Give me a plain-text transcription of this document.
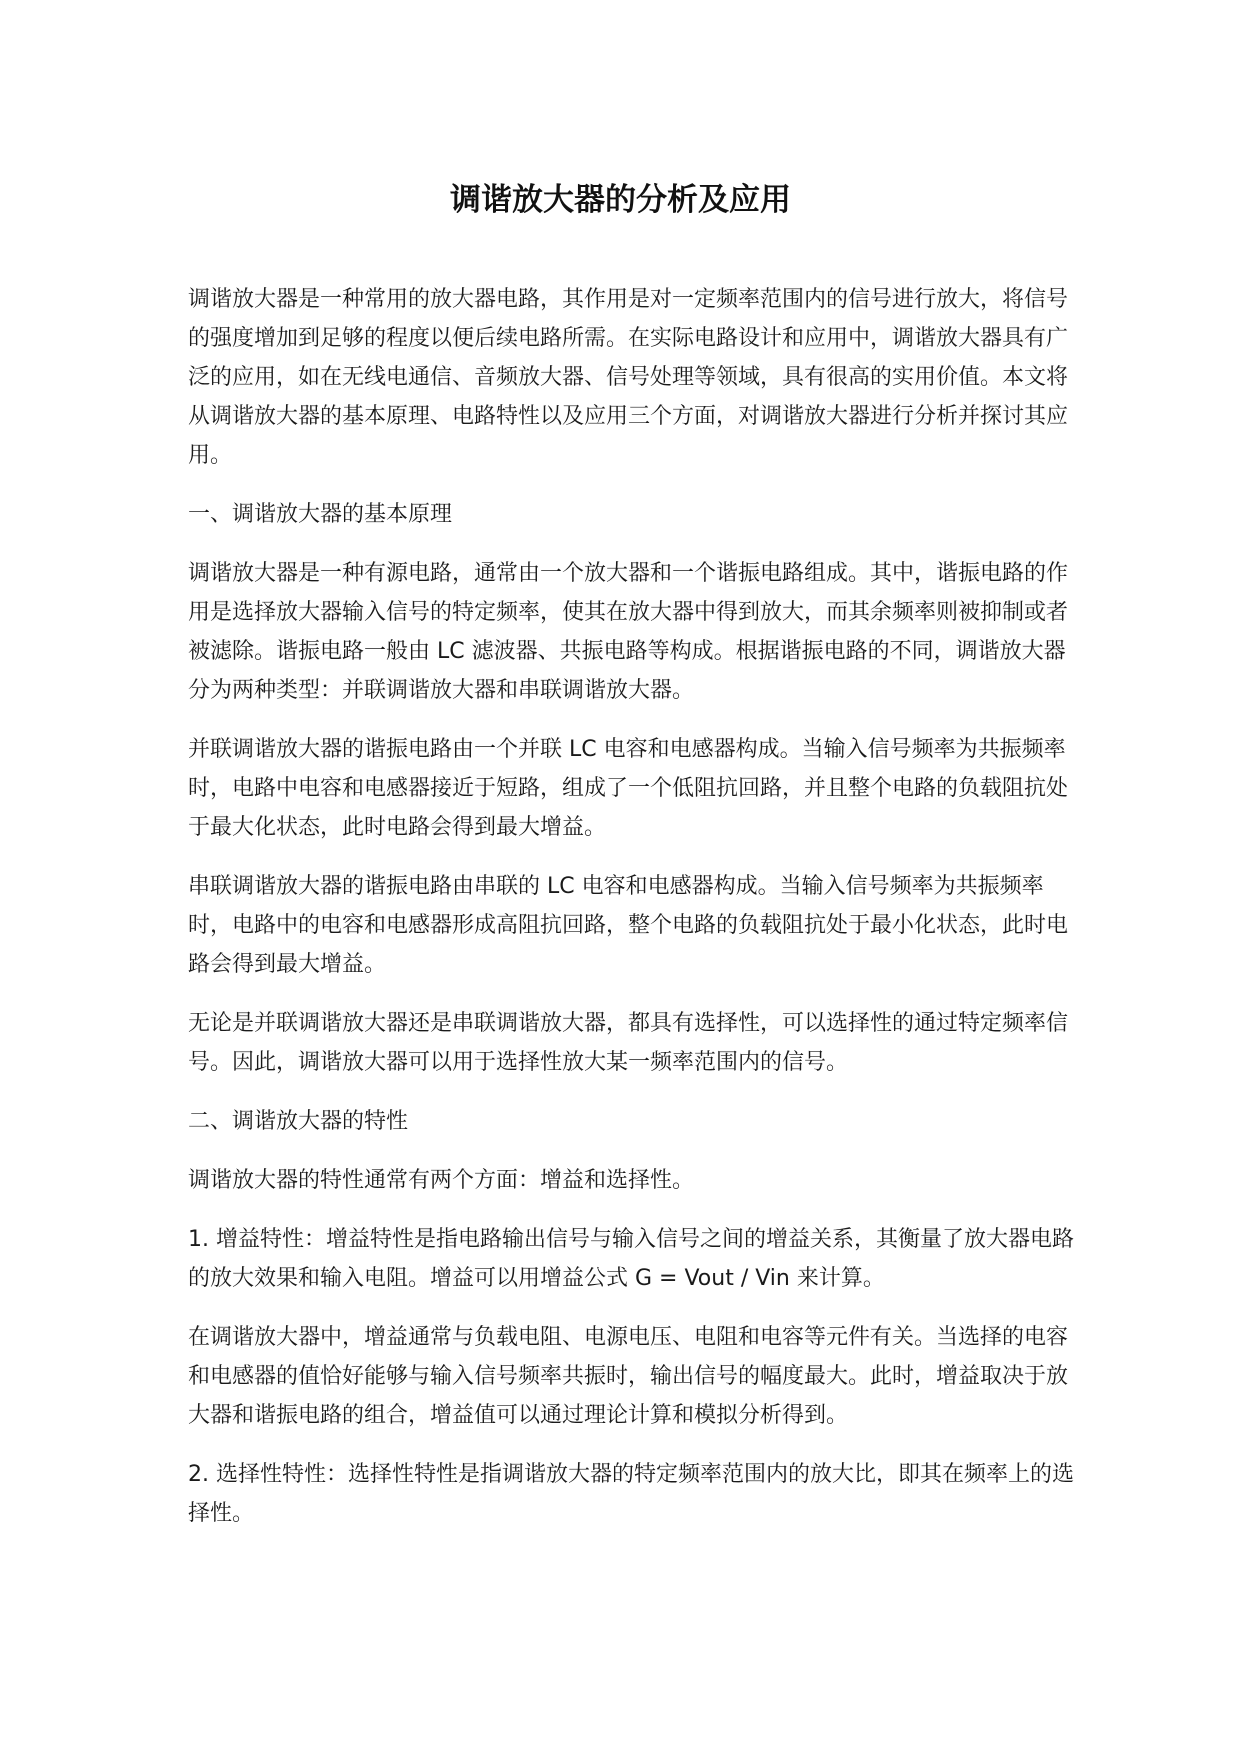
调谐放大器的分析及应用

调谐放大器是一种常用的放大器电路，其作用是对一定频率范围内的信号进行放大，将信号的强度增加到足够的程度以便后续电路所需。在实际电路设计和应用中，调谐放大器具有广泛的应用，如在无线电通信、音频放大器、信号处理等领域，具有很高的实用价值。本文将从调谐放大器的基本原理、电路特性以及应用三个方面，对调谐放大器进行分析并探讨其应用。

一、调谐放大器的基本原理

调谐放大器是一种有源电路，通常由一个放大器和一个谐振电路组成。其中，谐振电路的作用是选择放大器输入信号的特定频率，使其在放大器中得到放大，而其余频率则被抑制或者被滤除。谐振电路一般由 LC 滤波器、共振电路等构成。根据谐振电路的不同，调谐放大器分为两种类型：并联调谐放大器和串联调谐放大器。

并联调谐放大器的谐振电路由一个并联 LC 电容和电感器构成。当输入信号频率为共振频率时，电路中电容和电感器接近于短路，组成了一个低阻抗回路，并且整个电路的负载阻抗处于最大化状态，此时电路会得到最大增益。

串联调谐放大器的谐振电路由串联的 LC 电容和电感器构成。当输入信号频率为共振频率时，电路中的电容和电感器形成高阻抗回路，整个电路的负载阻抗处于最小化状态，此时电路会得到最大增益。

无论是并联调谐放大器还是串联调谐放大器，都具有选择性，可以选择性的通过特定频率信号。因此，调谐放大器可以用于选择性放大某一频率范围内的信号。

二、调谐放大器的特性

调谐放大器的特性通常有两个方面：增益和选择性。

1. 增益特性：增益特性是指电路输出信号与输入信号之间的增益关系，其衡量了放大器电路的放大效果和输入电阻。增益可以用增益公式 G = Vout / Vin 来计算。

在调谐放大器中，增益通常与负载电阻、电源电压、电阻和电容等元件有关。当选择的电容和电感器的值恰好能够与输入信号频率共振时，输出信号的幅度最大。此时，增益取决于放大器和谐振电路的组合，增益值可以通过理论计算和模拟分析得到。

2. 选择性特性：选择性特性是指调谐放大器的特定频率范围内的放大比，即其在频率上的选择性。
